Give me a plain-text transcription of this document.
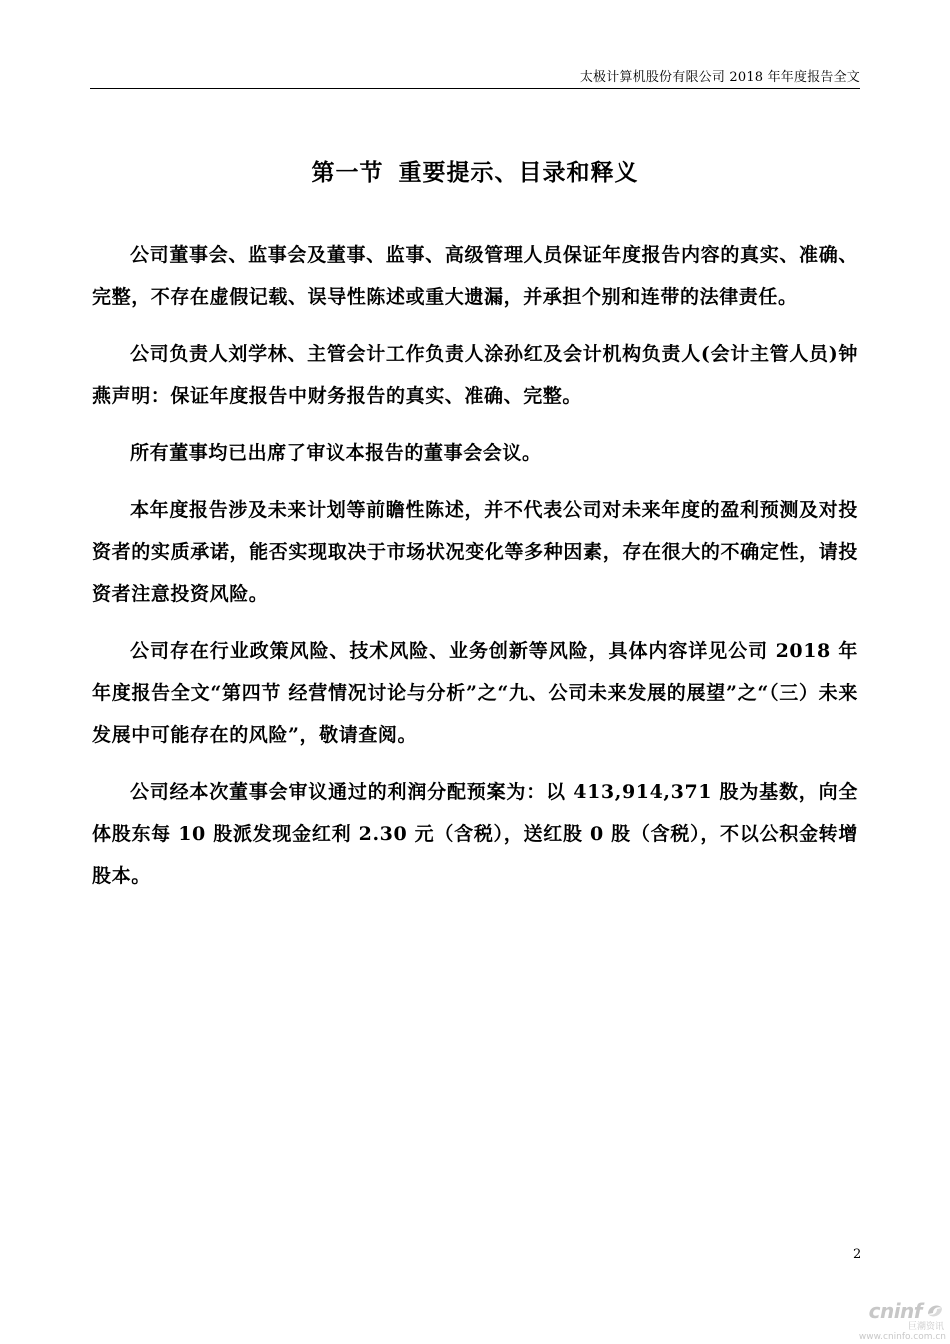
太极计算机股份有限公司 2018 年年度报告全文
第一节 重要提示、目录和释义

公司董事会、监事会及董事、监事、高级管理人员保证年度报告内容的真实、准确、完整，不存在虚假记载、误导性陈述或重大遗漏，并承担个别和连带的法律责任。

公司负责人刘学林、主管会计工作负责人涂孙红及会计机构负责人(会计主管人员)钟燕声明：保证年度报告中财务报告的真实、准确、完整。

所有董事均已出席了审议本报告的董事会会议。

本年度报告涉及未来计划等前瞻性陈述，并不代表公司对未来年度的盈利预测及对投资者的实质承诺，能否实现取决于市场状况变化等多种因素，存在很大的不确定性，请投资者注意投资风险。

公司存在行业政策风险、技术风险、业务创新等风险，具体内容详见公司 2018 年年度报告全文“第四节 经营情况讨论与分析”之“九、公司未来发展的展望”之“（三）未来发展中可能存在的风险”，敬请查阅。

公司经本次董事会审议通过的利润分配预案为：以 413,914,371 股为基数，向全体股东每 10 股派发现金红利 2.30 元（含税），送红股 0 股（含税），不以公积金转增股本。

2
cninf
巨潮资讯
www.cninfo.com.cn
